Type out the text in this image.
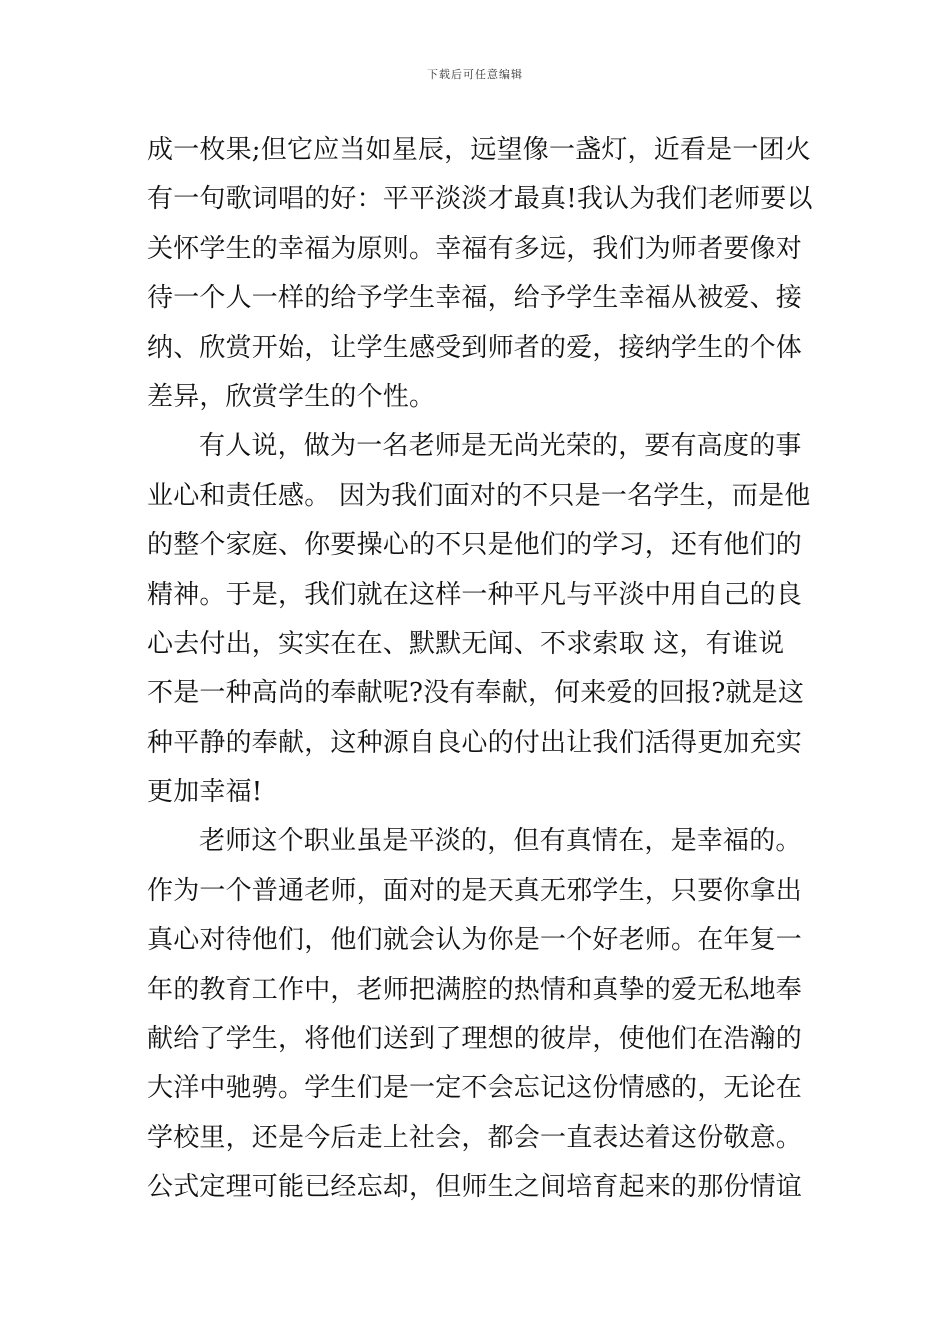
下载后可任意编辑
成一枚果;但它应当如星辰，远望像一盏灯，近看是一团火
有一句歌词唱的好：平平淡淡才最真!我认为我们老师要以
关怀学生的幸福为原则。幸福有多远，我们为师者要像对
待一个人一样的给予学生幸福，给予学生幸福从被爱、接
纳、欣赏开始，让学生感受到师者的爱，接纳学生的个体
差异，欣赏学生的个性。
有人说，做为一名老师是无尚光荣的，要有高度的事
业心和责任感。 因为我们面对的不只是一名学生，而是他
的整个家庭、你要操心的不只是他们的学习，还有他们的
精神。于是，我们就在这样一种平凡与平淡中用自己的良
心去付出，实实在在、默默无闻、不求索取 这，有谁说
不是一种高尚的奉献呢?没有奉献，何来爱的回报?就是这
种平静的奉献，这种源自良心的付出让我们活得更加充实
更加幸福!
老师这个职业虽是平淡的，但有真情在，是幸福的。
作为一个普通老师，面对的是天真无邪学生，只要你拿出
真心对待他们，他们就会认为你是一个好老师。在年复一
年的教育工作中，老师把满腔的热情和真挚的爱无私地奉
献给了学生，将他们送到了理想的彼岸，使他们在浩瀚的
大洋中驰骋。学生们是一定不会忘记这份情感的，无论在
学校里，还是今后走上社会，都会一直表达着这份敬意。
公式定理可能已经忘却，但师生之间培育起来的那份情谊
